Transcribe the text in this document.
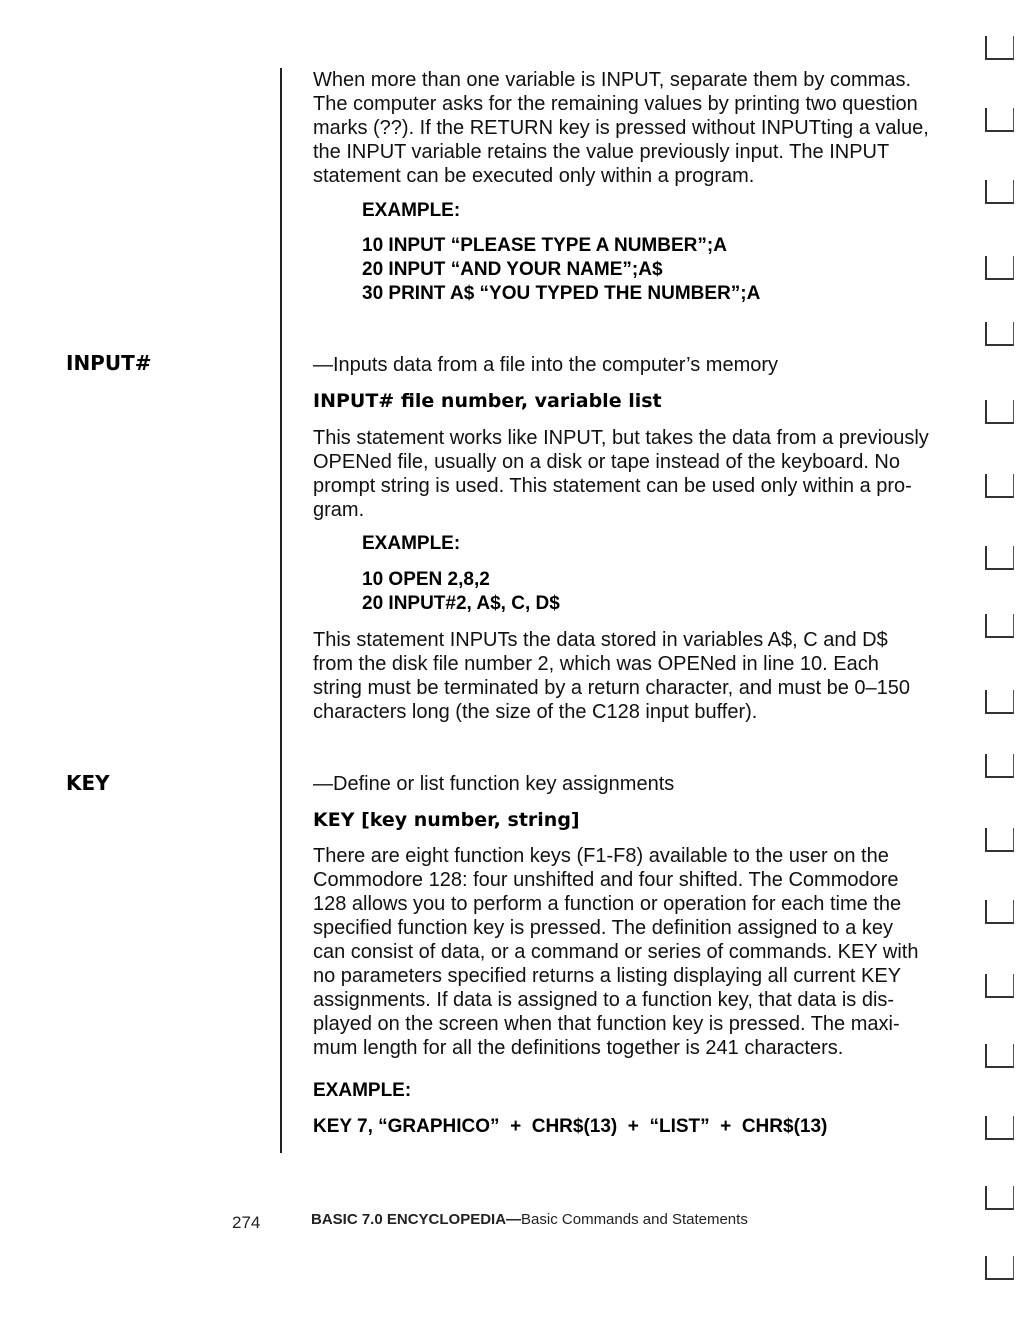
When more than one variable is INPUT, separate them by commas.
The computer asks for the remaining values by printing two question
marks (??). If the RETURN key is pressed without INPUTting a value,
the INPUT variable retains the value previously input. The INPUT
statement can be executed only within a program.
EXAMPLE:
10 INPUT “PLEASE TYPE A NUMBER”;A
20 INPUT “AND YOUR NAME”;A$
30 PRINT A$ “YOU TYPED THE NUMBER”;A
INPUT#	—Inputs data from a file into the computer’s memory
INPUT# file number, variable list
This statement works like INPUT, but takes the data from a previously
OPENed file, usually on a disk or tape instead of the keyboard. No
prompt string is used. This statement can be used only within a pro-
gram.
EXAMPLE:
10 OPEN 2,8,2
20 INPUT#2, A$, C, D$
This statement INPUTs the data stored in variables A$, C and D$
from the disk file number 2, which was OPENed in line 10. Each
string must be terminated by a return character, and must be 0–150
characters long (the size of the C128 input buffer).
KEY	—Define or list function key assignments
KEY [key number, string]
There are eight function keys (F1-F8) available to the user on the
Commodore 128: four unshifted and four shifted. The Commodore
128 allows you to perform a function or operation for each time the
specified function key is pressed. The definition assigned to a key
can consist of data, or a command or series of commands. KEY with
no parameters specified returns a listing displaying all current KEY
assignments. If data is assigned to a function key, that data is dis-
played on the screen when that function key is pressed. The maxi-
mum length for all the definitions together is 241 characters.
EXAMPLE:
KEY 7, “GRAPHICO”  +  CHR$(13)  +  “LIST”  +  CHR$(13)
274	BASIC 7.0 ENCYCLOPEDIA—Basic Commands and Statements
